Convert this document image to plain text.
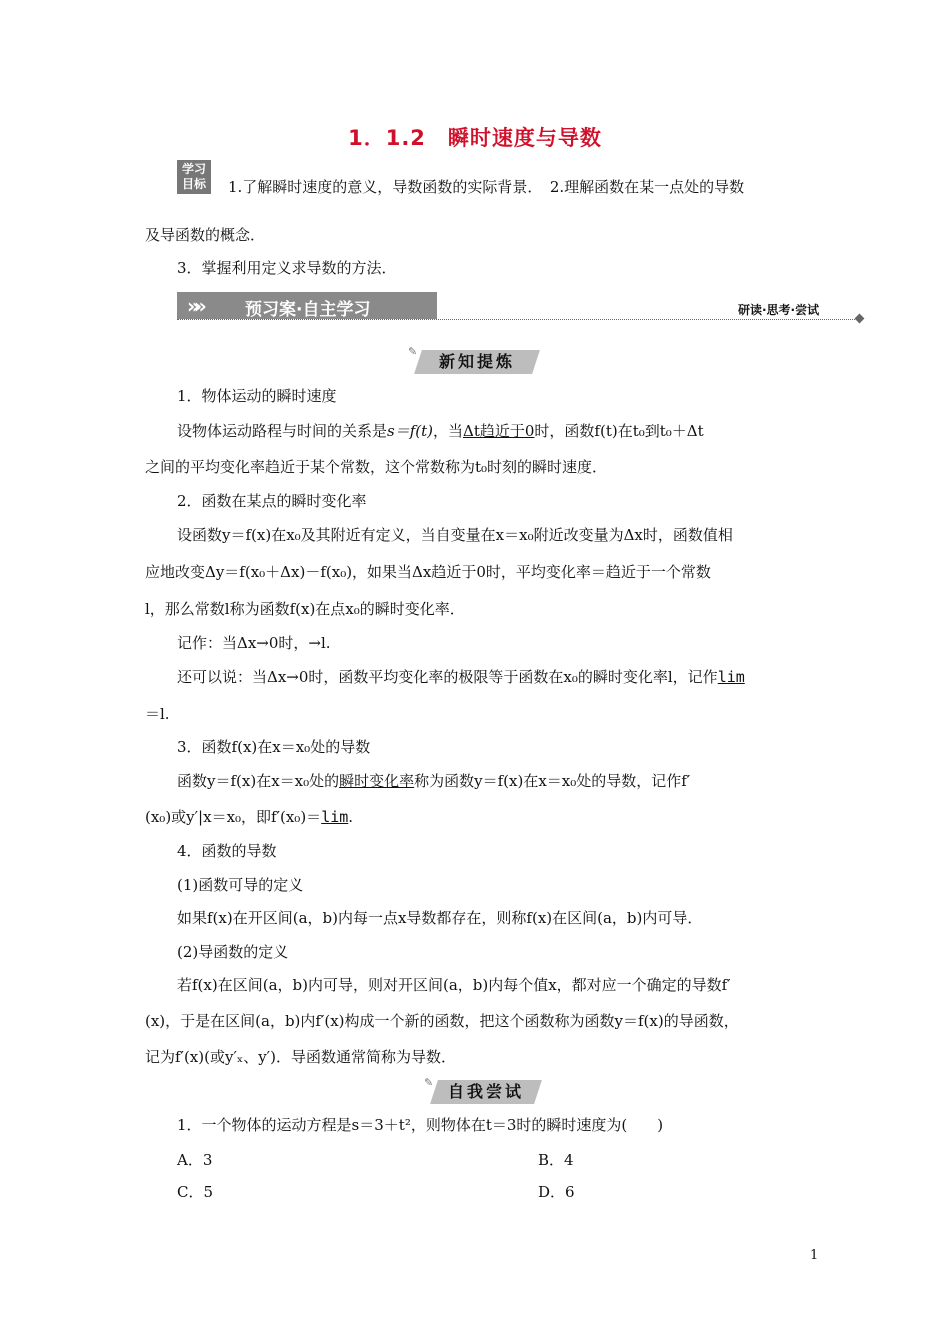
1．1.2　瞬时速度与导数
学习
目标	1.了解瞬时速度的意义，导数函数的实际背景．　2.理解函数在某一点处的导数
及导函数的概念．
3．掌握利用定义求导数的方法．
»»	预习案·自主学习	研读·思考·尝试
✎
新知提炼
1．物体运动的瞬时速度
设物体运动路程与时间的关系是s＝f(t)，当Δt趋近于0时，函数f(t)在t₀到t₀＋Δt
之间的平均变化率趋近于某个常数，这个常数称为t₀时刻的瞬时速度．
2．函数在某点的瞬时变化率
设函数y＝f(x)在x₀及其附近有定义，当自变量在x＝x₀附近改变量为Δx时，函数值相
应地改变Δy＝f(x₀＋Δx)－f(x₀)，如果当Δx趋近于0时，平均变化率＝趋近于一个常数
l，那么常数l称为函数f(x)在点x₀的瞬时变化率．
记作：当Δx→0时，→l.
还可以说：当Δx→0时，函数平均变化率的极限等于函数在x₀的瞬时变化率l，记作lim
＝l.
3．函数f(x)在x＝x₀处的导数
函数y＝f(x)在x＝x₀处的瞬时变化率称为函数y＝f(x)在x＝x₀处的导数，记作f′
(x₀)或y′|x＝x₀，即f′(x₀)＝lim.
4．函数的导数
(1)函数可导的定义
如果f(x)在开区间(a，b)内每一点x导数都存在，则称f(x)在区间(a，b)内可导．
(2)导函数的定义
若f(x)在区间(a，b)内可导，则对开区间(a，b)内每个值x，都对应一个确定的导数f′
(x)，于是在区间(a，b)内f′(x)构成一个新的函数，把这个函数称为函数y＝f(x)的导函数，
记为f′(x)(或y′ₓ、y′)．导函数通常简称为导数．
✎ 自我尝试
1．一个物体的运动方程是s＝3＋t²，则物体在t＝3时的瞬时速度为(　　)
A．3	B．4
C．5	D．6
1
